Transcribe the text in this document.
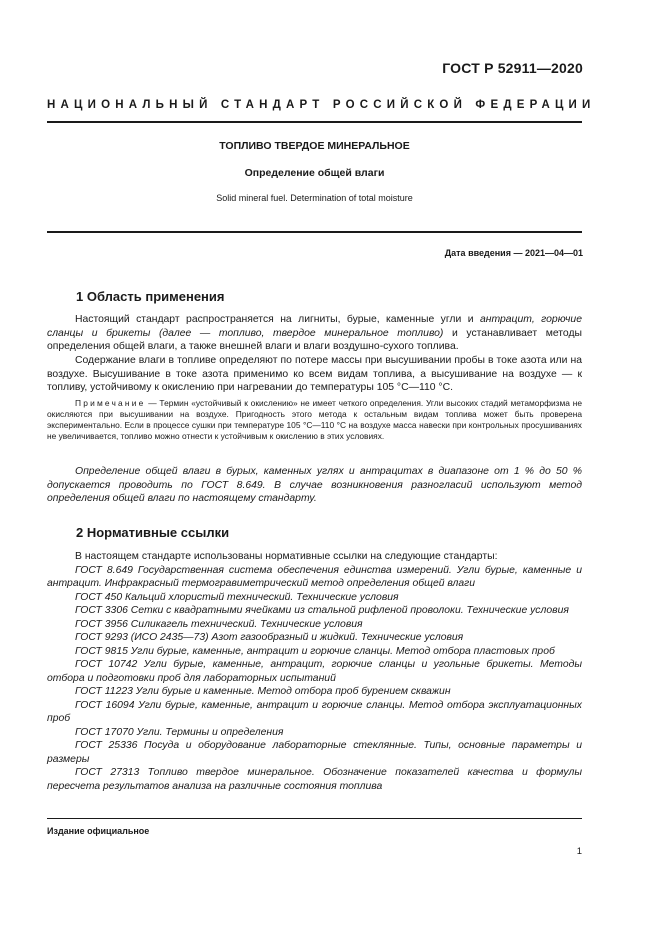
ГОСТ Р 52911—2020
НАЦИОНАЛЬНЫЙ СТАНДАРТ РОССИЙСКОЙ ФЕДЕРАЦИИ
ТОПЛИВО ТВЕРДОЕ МИНЕРАЛЬНОЕ
Определение общей влаги
Solid mineral fuel. Determination of total moisture
Дата введения — 2021—04—01
1 Область применения

Настоящий стандарт распространяется на лигниты, бурые, каменные угли и антрацит, горючие сланцы и брикеты (далее — топливо, твердое минеральное топливо) и устанавливает методы определения общей влаги, а также внешней влаги и влаги воздушно-сухого топлива.

Содержание влаги в топливе определяют по потере массы при высушивании пробы в токе азота или на воздухе. Высушивание в токе азота применимо ко всем видам топлива, а высушивание на воздухе — к топливу, устойчивому к окислению при нагревании до температуры 105 °С—110 °С.

Примечание — Термин «устойчивый к окислению» не имеет четкого определения. Угли высоких стадий метаморфизма не окисляются при высушивании на воздухе. Пригодность этого метода к остальным видам топлива может быть проверена экспериментально. Если в процессе сушки при температуре 105 °С—110 °С на воздухе масса навески при контрольных просушиваниях не увеличивается, топливо можно отнести к устойчивым к окислению в этих условиях.

Определение общей влаги в бурых, каменных углях и антрацитах в диапазоне от 1 % до 50 % допускается проводить по ГОСТ 8.649. В случае возникновения разногласий используют метод определения общей влаги по настоящему стандарту.

2 Нормативные ссылки

В настоящем стандарте использованы нормативные ссылки на следующие стандарты:

ГОСТ 8.649 Государственная система обеспечения единства измерений. Угли бурые, каменные и антрацит. Инфракрасный термогравиметрический метод определения общей влаги

ГОСТ 450 Кальций хлористый технический. Технические условия

ГОСТ 3306 Сетки с квадратными ячейками из стальной рифленой проволоки. Технические условия

ГОСТ 3956 Силикагель технический. Технические условия

ГОСТ 9293 (ИСО 2435—73) Азот газообразный и жидкий. Технические условия

ГОСТ 9815 Угли бурые, каменные, антрацит и горючие сланцы. Метод отбора пластовых проб

ГОСТ 10742 Угли бурые, каменные, антрацит, горючие сланцы и угольные брикеты. Методы отбора и подготовки проб для лабораторных испытаний

ГОСТ 11223 Угли бурые и каменные. Метод отбора проб бурением скважин

ГОСТ 16094 Угли бурые, каменные, антрацит и горючие сланцы. Метод отбора эксплуатационных проб

ГОСТ 17070 Угли. Термины и определения

ГОСТ 25336 Посуда и оборудование лабораторные стеклянные. Типы, основные параметры и размеры

ГОСТ 27313 Топливо твердое минеральное. Обозначение показателей качества и формулы пересчета результатов анализа на различные состояния топлива

Издание официальное
1
